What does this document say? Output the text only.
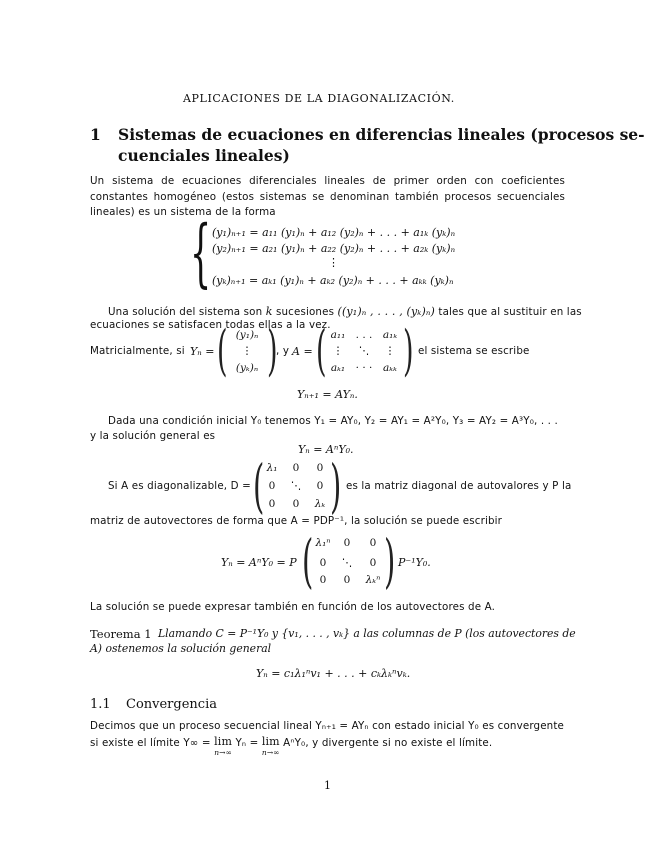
APLICACIONES DE LA DIAGONALIZACIÓN.
1 Sistemas de ecuaciones en diferencias lineales (procesos se-
cuenciales lineales)
Un sistema de ecuaciones diferenciales lineales de primer orden con coeficientes constantes homogéneo (estos sistemas se denominan también procesos secuenciales lineales) es un sistema de la forma
{ (y₁)ₙ₊₁ = a₁₁ (y₁)ₙ + a₁₂ (y₂)ₙ + . . . + a₁ₖ (yₖ)ₙ
(y₂)ₙ₊₁ = a₂₁ (y₁)ₙ + a₂₂ (y₂)ₙ + . . . + a₂ₖ (yₖ)ₙ
⋮
(yₖ)ₙ₊₁ = aₖ₁ (y₁)ₙ + aₖ₂ (y₂)ₙ + . . . + aₖₖ (yₖ)ₙ
Una solución del sistema son k sucesiones ((y₁)ₙ , . . . , (yₖ)ₙ) tales que al sustituir en las
ecuaciones se satisfacen todas ellas a la vez.
Matricialmente, si Yₙ = ( (y₁)ₙ
⋮
(yₖ)ₙ )
, y A = ( a₁₁ . . .	a₁ₖ
⋮	⋱	⋮
aₖ₁ · · ·	aₖₖ ) el sistema se escribe
Yₙ₊₁ = AYₙ.
Dada una condición inicial Y₀ tenemos Y₁ = AY₀, Y₂ = AY₁ = A²Y₀, Y₃ = AY₂ = A³Y₀, . . .
y la solución general es
Yₙ = AⁿY₀.
Si A es diagonalizable, D = ( λ₁	0	0
0	⋱	0
0	0	λₖ ) es la matriz diagonal de autovalores y P la
matriz de autovectores de forma que A = PDP⁻¹, la solución se puede escribir
Yₙ = AⁿY₀ = P ( λ₁ⁿ	0	0
0	⋱	0
0	0	λₖⁿ ) P⁻¹Y₀.
La solución se puede expresar también en función de los autovectores de A.
Teorema 1 Llamando C = P⁻¹Y₀ y {v₁, . . . , vₖ} a las columnas de P (los autovectores de
A) ostenemos la solución general
Yₙ = c₁λ₁ⁿv₁ + . . . + cₖλₖⁿvₖ.
1.1 Convergencia
Decimos que un proceso secuencial lineal Yₙ₊₁ = AYₙ con estado inicial Y₀ es convergente
si existe el límite Y∞ = lim
n→∞ Yₙ = lim
n→∞ AⁿY₀, y divergente si no existe el límite.
1
